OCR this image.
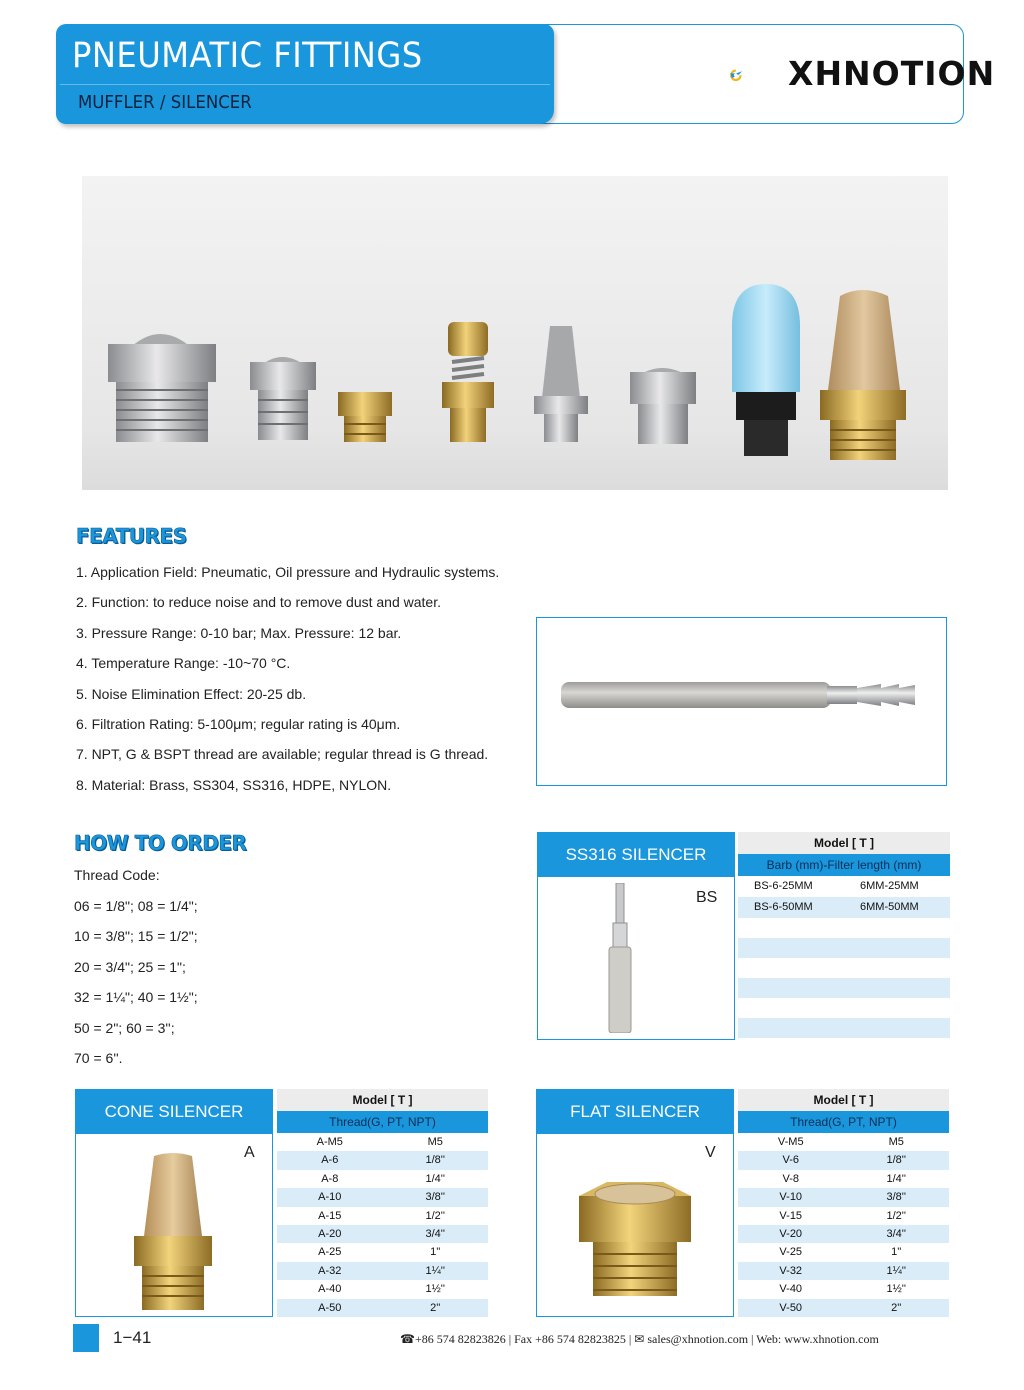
PNEUMATIC FITTINGS
MUFFLER / SILENCER
XHNOTION
FEATURES
1. Application Field: Pneumatic, Oil pressure and Hydraulic systems.
2. Function: to reduce noise and to remove dust and water.
3. Pressure Range: 0-10 bar; Max. Pressure: 12 bar.
4. Temperature Range: -10~70 °C.
5. Noise Elimination Effect: 20-25 db.
6. Filtration Rating: 5-100μm; regular rating is 40μm.
7. NPT, G & BSPT thread are available; regular thread is G thread.
8. Material: Brass, SS304, SS316, HDPE, NYLON.
HOW TO ORDER
Thread Code:
06 = 1/8"; 08 = 1/4";
10 = 3/8"; 15 = 1/2";
20 = 3/4"; 25 = 1";
32 = 1¼"; 40 = 1½";
50 = 2"; 60 = 3'';
70 = 6''.
SS316 SILENCER
BS
Model [ T ]
Barb (mm)-Filter length (mm)
BS-6-25MM	6MM-25MM
BS-6-50MM	6MM-50MM
CONE SILENCER
A
Model [ T ]
Thread(G, PT, NPT)
A-M5	M5
A-6	1/8''
A-8	1/4''
A-10	3/8''
A-15	1/2''
A-20	3/4''
A-25	1''
A-32	1¼''
A-40	1½''
A-50	2''
FLAT SILENCER
V
Model [ T ]
Thread(G, PT, NPT)
V-M5	M5
V-6	1/8''
V-8	1/4''
V-10	3/8''
V-15	1/2''
V-20	3/4''
V-25	1''
V-32	1¼''
V-40	1½''
V-50	2''
1−41	☎+86 574 82823826 | Fax +86 574 82823825 | ✉ sales@xhnotion.com | Web: www.xhnotion.com
